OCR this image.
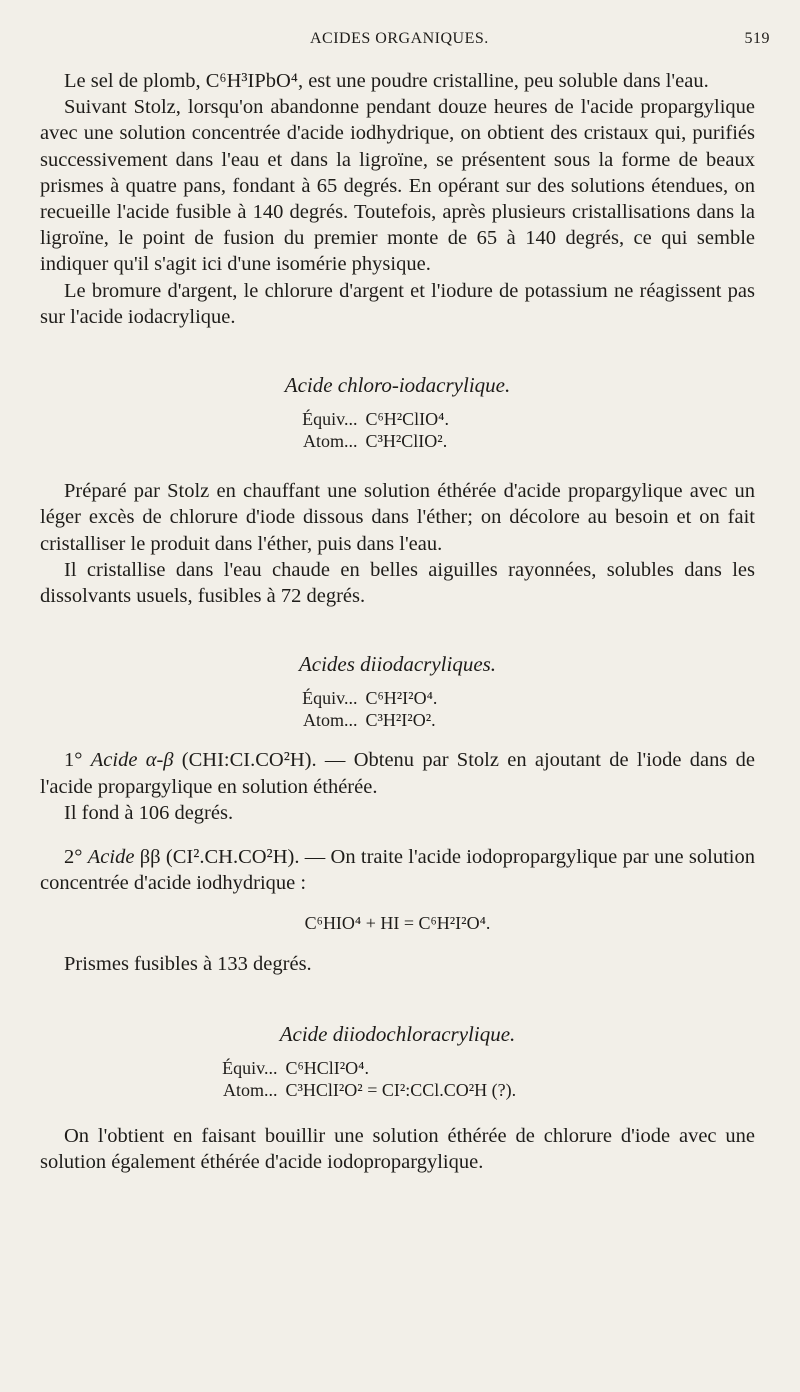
ACIDES ORGANIQUES.	519

Le sel de plomb, C⁶H³IPbO⁴, est une poudre cristalline, peu soluble dans l'eau.

Suivant Stolz, lorsqu'on abandonne pendant douze heures de l'acide propargylique avec une solution concentrée d'acide iodhydrique, on obtient des cristaux qui, purifiés successivement dans l'eau et dans la ligroïne, se présentent sous la forme de beaux prismes à quatre pans, fondant à 65 degrés. En opérant sur des solutions étendues, on recueille l'acide fusible à 140 degrés. Toutefois, après plusieurs cristallisations dans la ligroïne, le point de fusion du premier monte de 65 à 140 degrés, ce qui semble indiquer qu'il s'agit ici d'une isomérie physique.

Le bromure d'argent, le chlorure d'argent et l'iodure de potassium ne réagissent pas sur l'acide iodacrylique.

Acide chloro-iodacrylique.

Équiv... C⁶H²ClIO⁴.
Atom... C³H²ClIO².

Préparé par Stolz en chauffant une solution éthérée d'acide propargylique avec un léger excès de chlorure d'iode dissous dans l'éther; on décolore au besoin et on fait cristalliser le produit dans l'éther, puis dans l'eau.

Il cristallise dans l'eau chaude en belles aiguilles rayonnées, solubles dans les dissolvants usuels, fusibles à 72 degrés.

Acides diiodacryliques.

Équiv... C⁶H²I²O⁴.
Atom... C³H²I²O².

1° Acide α-β (CHI:CI.CO²H). — Obtenu par Stolz en ajoutant de l'iode dans de l'acide propargylique en solution éthérée.

Il fond à 106 degrés.

2° Acide ββ (CI².CH.CO²H). — On traite l'acide iodopropargylique par une solution concentrée d'acide iodhydrique :

C⁶HIO⁴ + HI = C⁶H²I²O⁴.

Prismes fusibles à 133 degrés.

Acide diiodochloracrylique.

Équiv... C⁶HClI²O⁴.
Atom... C³HClI²O² = CI²:CCl.CO²H (?).

On l'obtient en faisant bouillir une solution éthérée de chlorure d'iode avec une solution également éthérée d'acide iodopropargylique.
